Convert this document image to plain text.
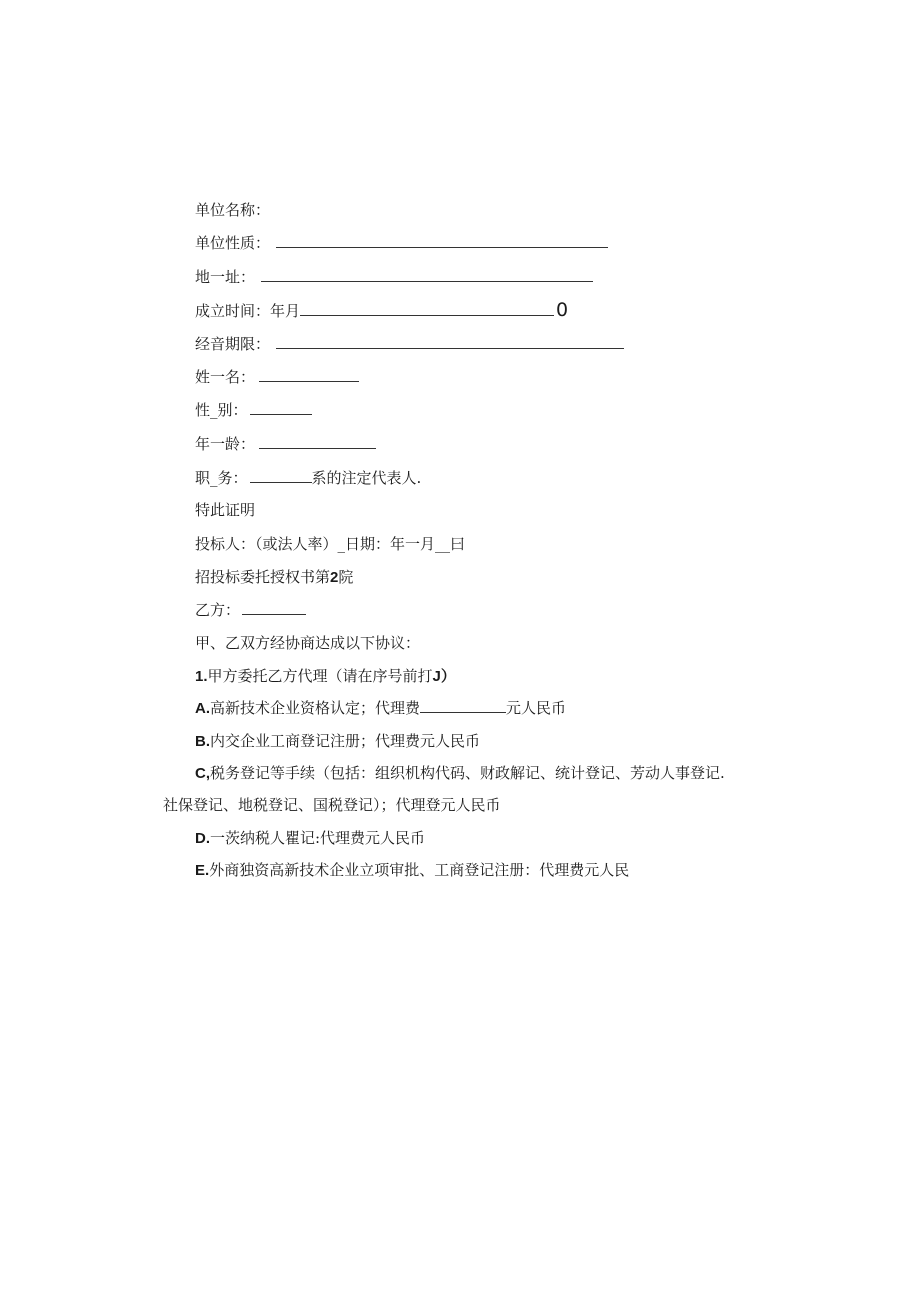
单位名称：
单位性质：
地一址：
成立时间：年月	0
经音期限：
姓一名：
性_别：
年一龄：
职_务：	系的注定代表人.
特此证明
投标人：（或法人率）_日期：年一月__曰
招投标委托授权书第2院
乙方：
甲、乙双方经协商达成以下协议：
1.甲方委托乙方代理（请在序号前打J）
A.高新技术企业资格认定；代理费	元人民币
B.内交企业工商登记注册；代理费元人民币
C,税务登记等手续（包括：组织机构代码、财政解记、统计登记、芳动人事登记.
社保登记、地税登记、国税登记）；代理登元人民币
D.一茨纳税人瞿记:代理费元人民币
E.外商独资高新技术企业立项审批、工商登记注册：代理费元人民
